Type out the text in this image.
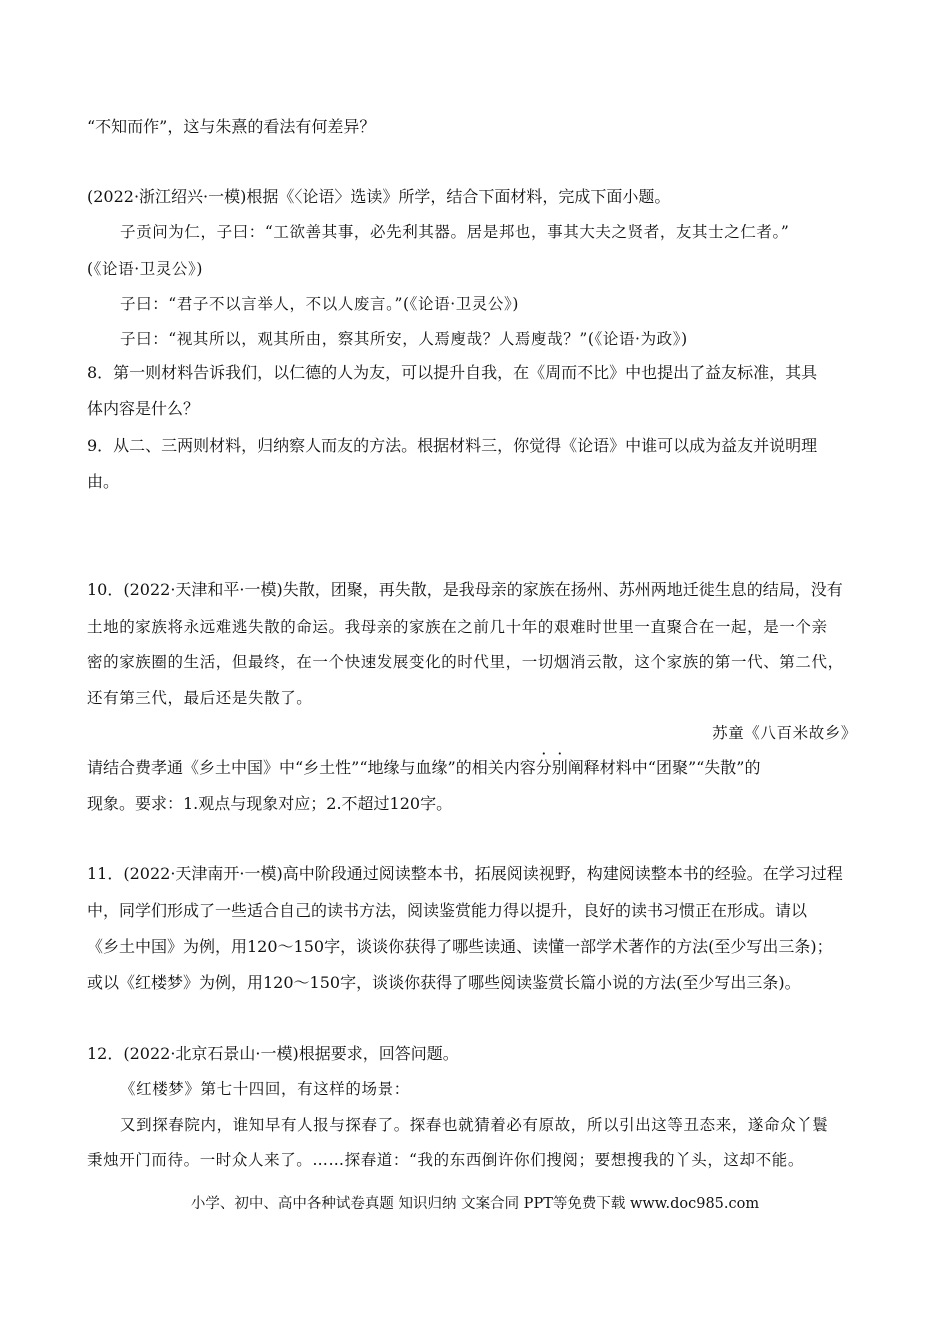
“不知而作”，这与朱熹的看法有何差异？
(2022·浙江绍兴·一模)根据《〈论语〉选读》所学，结合下面材料，完成下面小题。
子贡问为仁，子曰：“工欲善其事，必先利其器。居是邦也，事其大夫之贤者，友其士之仁者。”
(《论语·卫灵公》)
子曰：“君子不以言举人，不以人废言。”(《论语·卫灵公》)
子曰：“视其所以，观其所由，察其所安，人焉廋哉？人焉廋哉？”(《论语·为政》)
8．第一则材料告诉我们，以仁德的人为友，可以提升自我，在《周而不比》中也提出了益友标准，其具
体内容是什么？
9．从二、三两则材料，归纳察人而友的方法。根据材料三，你觉得《论语》中谁可以成为益友并说明理
由。
10．(2022·天津和平·一模)失散，团聚，再失散，是我母亲的家族在扬州、苏州两地迁徙生息的结局，没有
土地的家族将永远难逃失散的命运。我母亲的家族在之前几十年的艰难时世里一直聚合在一起，是一个亲
密的家族圈的生活，但最终，在一个快速发展变化的时代里，一切烟消云散，这个家族的第一代、第二代，
还有第三代，最后还是失散了。
苏童《八百米故乡》
请结合费孝通《乡土中国》中“乡土性”“地缘与血缘”的相关内容分别阐释材料中“团聚”“失散”的
现象。要求：1.观点与现象对应；2.不超过120字。
11．(2022·天津南开·一模)高中阶段通过阅读整本书，拓展阅读视野，构建阅读整本书的经验。在学习过程
中，同学们形成了一些适合自己的读书方法，阅读鉴赏能力得以提升，良好的读书习惯正在形成。请以
《乡土中国》为例，用120～150字，谈谈你获得了哪些读通、读懂一部学术著作的方法(至少写出三条)；
或以《红楼梦》为例，用120～150字，谈谈你获得了哪些阅读鉴赏长篇小说的方法(至少写出三条)。
12．(2022·北京石景山·一模)根据要求，回答问题。
《红楼梦》第七十四回，有这样的场景：
又到探春院内，谁知早有人报与探春了。探春也就猜着必有原故，所以引出这等丑态来，遂命众丫鬟
秉烛开门而待。一时众人来了。……探春道：“我的东西倒许你们搜阅；要想搜我的丫头，这却不能。
小学、初中、高中各种试卷真题 知识归纳 文案合同 PPT等免费下载 www.doc985.com
